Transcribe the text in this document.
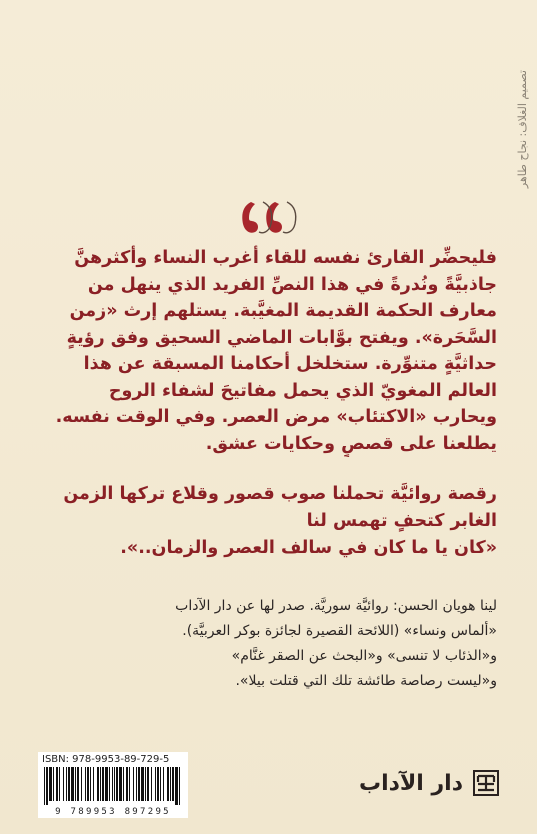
تصميم الغلاف: نجاح طاهر
فليحضِّر القارئ نفسه للقاء أغرب النساء وأكثرهنَّ
جاذبيَّةً ونُدرةً في هذا النصِّ الفريد الذي ينهل من
معارف الحكمة القديمة المغيَّبة. يستلهم إرث «زمن
السَّحَرة». ويفتح بوَّابات الماضي السحيق وفق رؤيةٍ
حداثيَّةٍ متنوِّرة. ستخلخل أحكامنا المسبقة عن هذا
العالم المغويّ الذي يحمل مفاتيحَ لشفاء الروح
ويحارب «الاكتئاب» مرض العصر. وفي الوقت نفسه.
يطلعنا على قصصٍ وحكايات عشق.
رقصة روائيَّة تحملنا صوب قصور وقلاع تركها الزمن
الغابر كتحفٍ تهمس لنا
«كان يا ما كان في سالف العصر والزمان..».
لينا هويان الحسن: روائيَّة سوريَّة. صدر لها عن دار الآداب
«ألماس ونساء» (اللائحة القصيرة لجائزة بوكر العربيَّة).
و«الذئاب لا تنسى» و«البحث عن الصقر غنَّام»
و«ليست رصاصة طائشة تلك التي قتلت بيلا».
ISBN: 978-9953-89-729-5
9 789953 897295
دار الآداب
